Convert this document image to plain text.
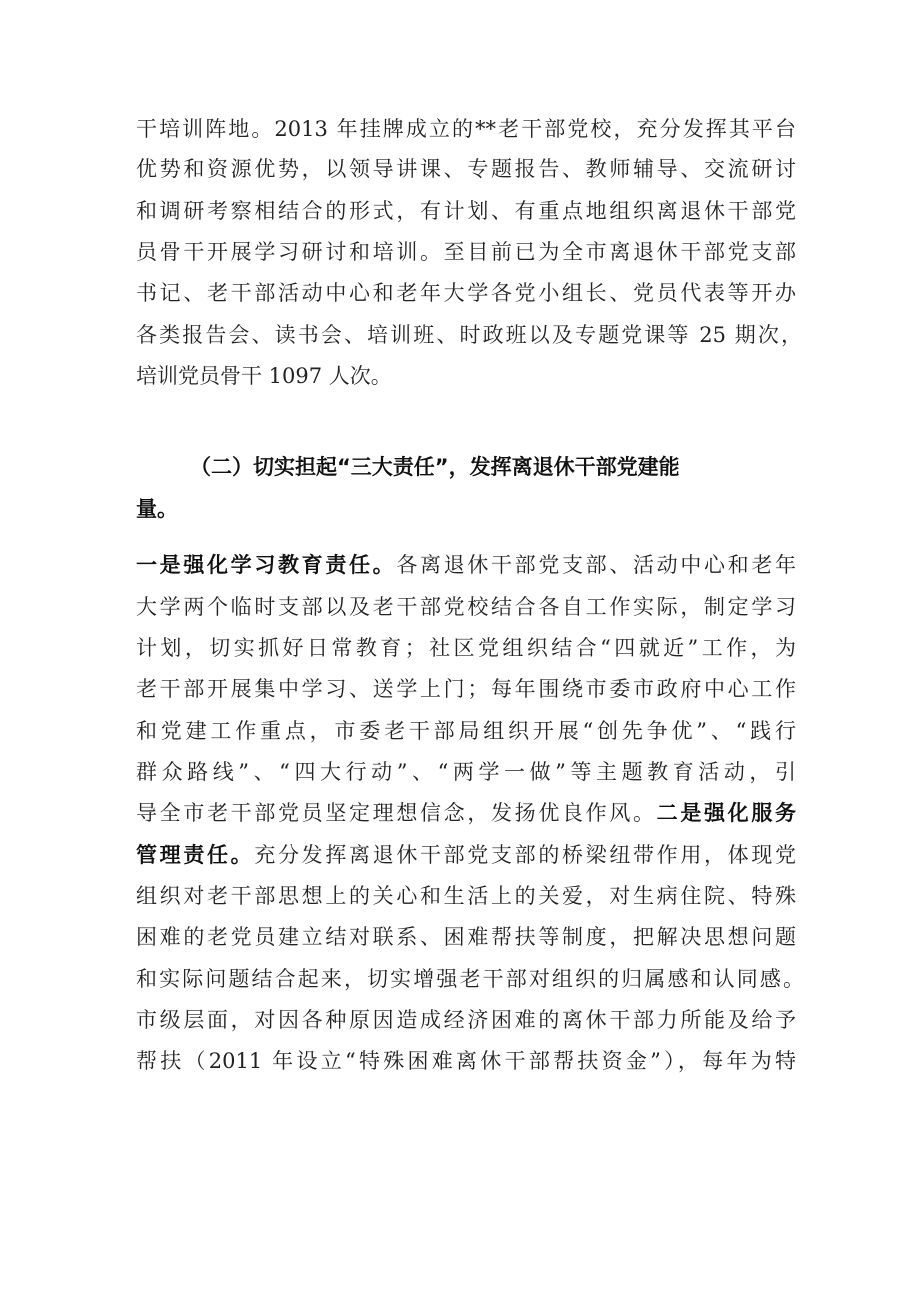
干培训阵地。2013 年挂牌成立的**老干部党校，充分发挥其平台
优势和资源优势，以领导讲课、专题报告、教师辅导、交流研讨
和调研考察相结合的形式，有计划、有重点地组织离退休干部党
员骨干开展学习研讨和培训。至目前已为全市离退休干部党支部
书记、老干部活动中心和老年大学各党小组长、党员代表等开办
各类报告会、读书会、培训班、时政班以及专题党课等 25 期次，
培训党员骨干 1097 人次。
（二）切实担起“三大责任”，发挥离退休干部党建能
量。
一是强化学习教育责任。各离退休干部党支部、活动中心和老年
大学两个临时支部以及老干部党校结合各自工作实际，制定学习
计划，切实抓好日常教育；社区党组织结合“四就近”工作，为
老干部开展集中学习、送学上门；每年围绕市委市政府中心工作
和党建工作重点，市委老干部局组织开展“创先争优”、“践行
群众路线”、“四大行动”、“两学一做”等主题教育活动，引
导全市老干部党员坚定理想信念，发扬优良作风。二是强化服务
管理责任。充分发挥离退休干部党支部的桥梁纽带作用，体现党
组织对老干部思想上的关心和生活上的关爱，对生病住院、特殊
困难的老党员建立结对联系、困难帮扶等制度，把解决思想问题
和实际问题结合起来，切实增强老干部对组织的归属感和认同感。
市级层面，对因各种原因造成经济困难的离休干部力所能及给予
帮扶（2011 年设立“特殊困难离休干部帮扶资金”），每年为特
